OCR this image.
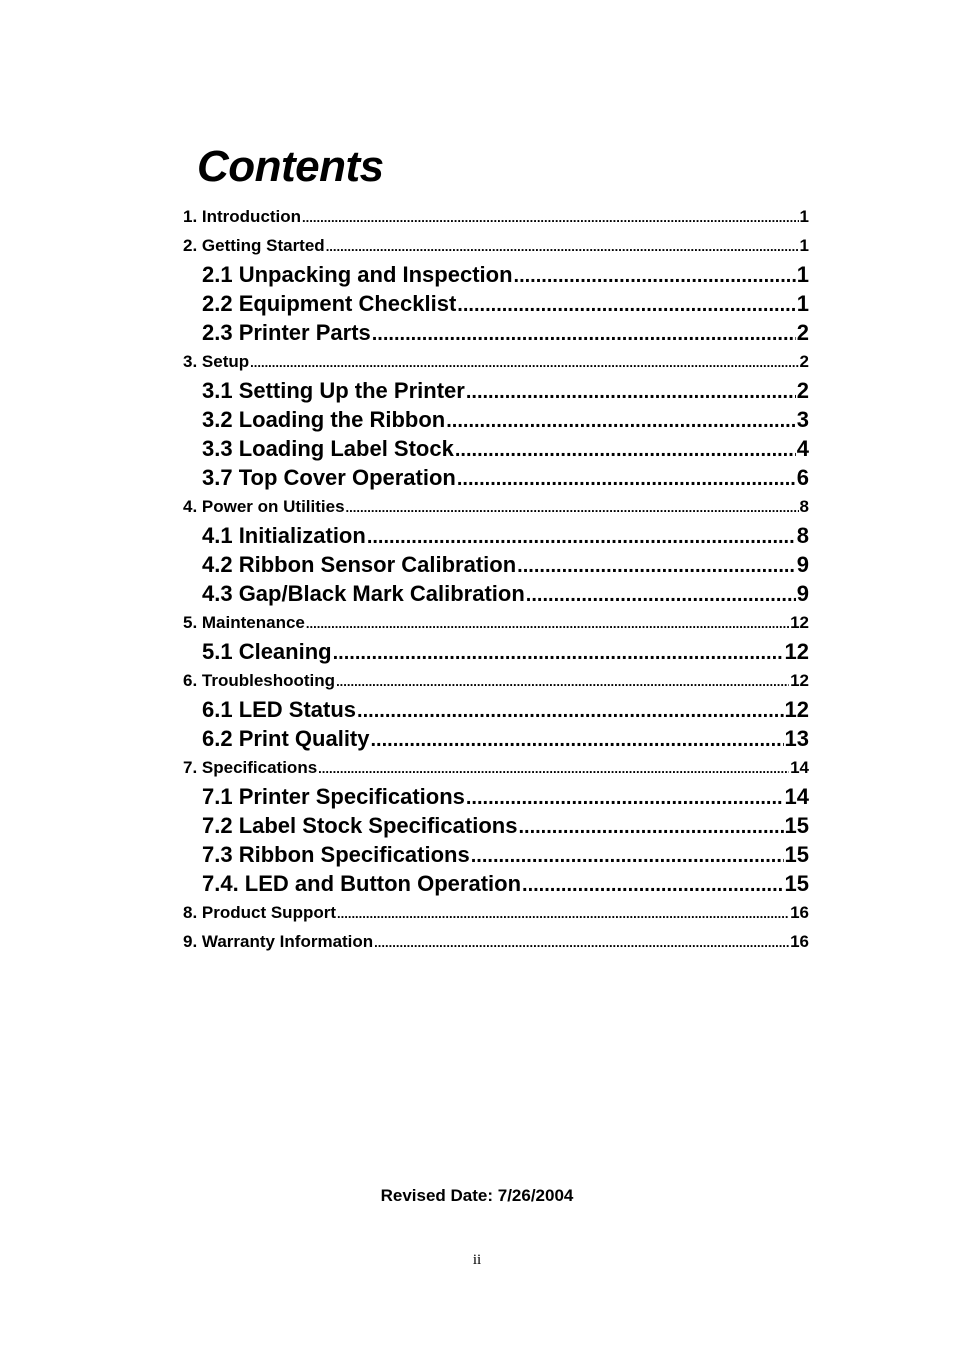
Contents
1. Introduction .....	1
2. Getting Started .....	1
2.1 Unpacking and Inspection .....	1
2.2 Equipment Checklist .....	1
2.3 Printer Parts .....	2
3. Setup .....	2
3.1 Setting Up the Printer .....	2
3.2 Loading the Ribbon .....	3
3.3 Loading Label Stock .....	4
3.7 Top Cover Operation .....	6
4. Power on Utilities .....	8
4.1 Initialization .....	8
4.2 Ribbon Sensor Calibration .....	9
4.3 Gap/Black Mark Calibration .....	9
5. Maintenance .....	12
5.1 Cleaning .....	12
6. Troubleshooting .....	12
6.1 LED Status .....	12
6.2 Print Quality .....	13
7. Specifications .....	14
7.1 Printer Specifications .....	14
7.2 Label Stock Specifications .....	15
7.3 Ribbon Specifications .....	15
7.4. LED and Button Operation .....	15
8. Product Support .....	16
9. Warranty Information .....	16
Revised Date: 7/26/2004
ii
